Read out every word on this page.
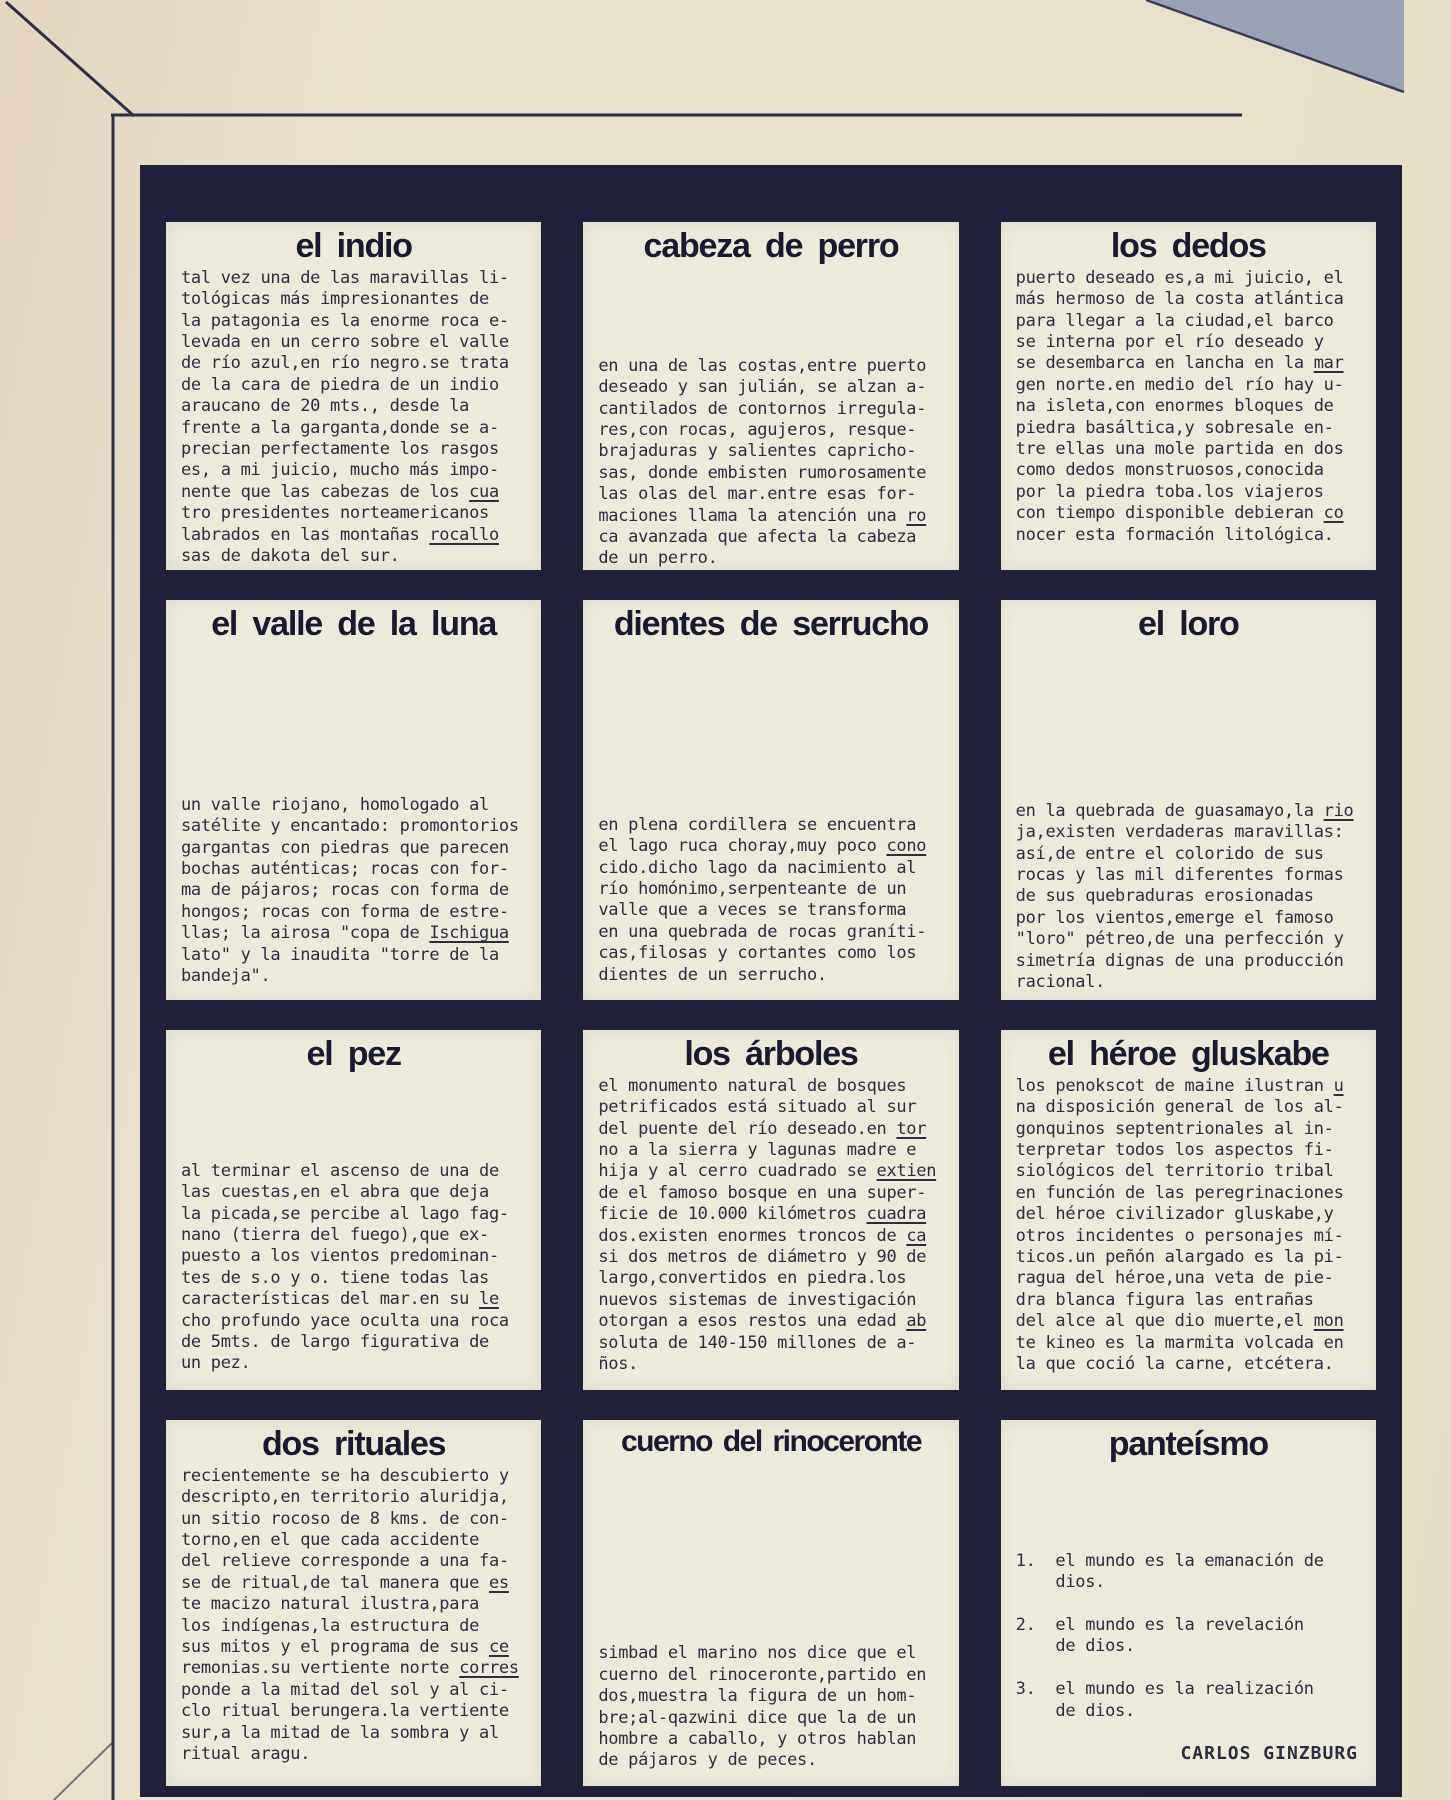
el indio
tal vez una de las maravillas li-
tológicas más impresionantes de
la patagonia es la enorme roca e-
levada en un cerro sobre el valle
de río azul,en río negro.se trata
de la cara de piedra de un indio
araucano de 20 mts., desde la
frente a la garganta,donde se a-
precian perfectamente los rasgos
es, a mi juicio, mucho más impo-
nente que las cabezas de los cua
tro presidentes norteamericanos
labrados en las montañas rocallo
sas de dakota del sur.
cabeza de perro
en una de las costas,entre puerto
deseado y san julián, se alzan a-
cantilados de contornos irregula-
res,con rocas, agujeros, resque-
brajaduras y salientes capricho-
sas, donde embisten rumorosamente
las olas del mar.entre esas for-
maciones llama la atención una ro
ca avanzada que afecta la cabeza
de un perro.
los dedos
puerto deseado es,a mi juicio, el
más hermoso de la costa atlántica
para llegar a la ciudad,el barco
se interna por el río deseado y
se desembarca en lancha en la mar
gen norte.en medio del río hay u-
na isleta,con enormes bloques de
piedra basáltica,y sobresale en-
tre ellas una mole partida en dos
como dedos monstruosos,conocida
por la piedra toba.los viajeros
con tiempo disponible debieran co
nocer esta formación litológica.
el valle de la luna
un valle riojano, homologado al
satélite y encantado: promontorios
gargantas con piedras que parecen
bochas auténticas; rocas con for-
ma de pájaros; rocas con forma de
hongos; rocas con forma de estre-
llas; la airosa "copa de Ischigua
lato" y la inaudita "torre de la
bandeja".
dientes de serrucho
en plena cordillera se encuentra
el lago ruca choray,muy poco cono
cido.dicho lago da nacimiento al
río homónimo,serpenteante de un
valle que a veces se transforma
en una quebrada de rocas graníti-
cas,filosas y cortantes como los
dientes de un serrucho.
el loro
en la quebrada de guasamayo,la rio
ja,existen verdaderas maravillas:
así,de entre el colorido de sus
rocas y las mil diferentes formas
de sus quebraduras erosionadas
por los vientos,emerge el famoso
"loro" pétreo,de una perfección y
simetría dignas de una producción
racional.
el pez
al terminar el ascenso de una de
las cuestas,en el abra que deja
la picada,se percibe al lago fag-
nano (tierra del fuego),que ex-
puesto a los vientos predominan-
tes de s.o y o. tiene todas las
características del mar.en su le
cho profundo yace oculta una roca
de 5mts. de largo figurativa de
un pez.
los árboles
el monumento natural de bosques
petrificados está situado al sur
del puente del río deseado.en tor
no a la sierra y lagunas madre e
hija y al cerro cuadrado se extien
de el famoso bosque en una super-
ficie de 10.000 kilómetros cuadra
dos.existen enormes troncos de ca
si dos metros de diámetro y 90 de
largo,convertidos en piedra.los
nuevos sistemas de investigación
otorgan a esos restos una edad ab
soluta de 140-150 millones de a-
ños.
el héroe gluskabe
los penokscot de maine ilustran u
na disposición general de los al-
gonquinos septentrionales al in-
terpretar todos los aspectos fi-
siológicos del territorio tribal
en función de las peregrinaciones
del héroe civilizador gluskabe,y
otros incidentes o personajes mí-
ticos.un peñón alargado es la pi-
ragua del héroe,una veta de pie-
dra blanca figura las entrañas
del alce al que dio muerte,el mon
te kineo es la marmita volcada en
la que coció la carne, etcétera.
dos rituales
recientemente se ha descubierto y
descripto,en territorio aluridja,
un sitio rocoso de 8 kms. de con-
torno,en el que cada accidente
del relieve corresponde a una fa-
se de ritual,de tal manera que es
te macizo natural ilustra,para
los indígenas,la estructura de
sus mitos y el programa de sus ce
remonias.su vertiente norte corres
ponde a la mitad del sol y al ci-
clo ritual berungera.la vertiente
sur,a la mitad de la sombra y al
ritual aragu.
cuerno del rinoceronte
simbad el marino nos dice que el
cuerno del rinoceronte,partido en
dos,muestra la figura de un hom-
bre;al-qazwini dice que la de un
hombre a caballo, y otros hablan
de pájaros y de peces.
panteísmo
1.  el mundo es la emanación de
dios.

2.  el mundo es la revelación
de dios.

3.  el mundo es la realización
de dios.
CARLOS GINZBURG
